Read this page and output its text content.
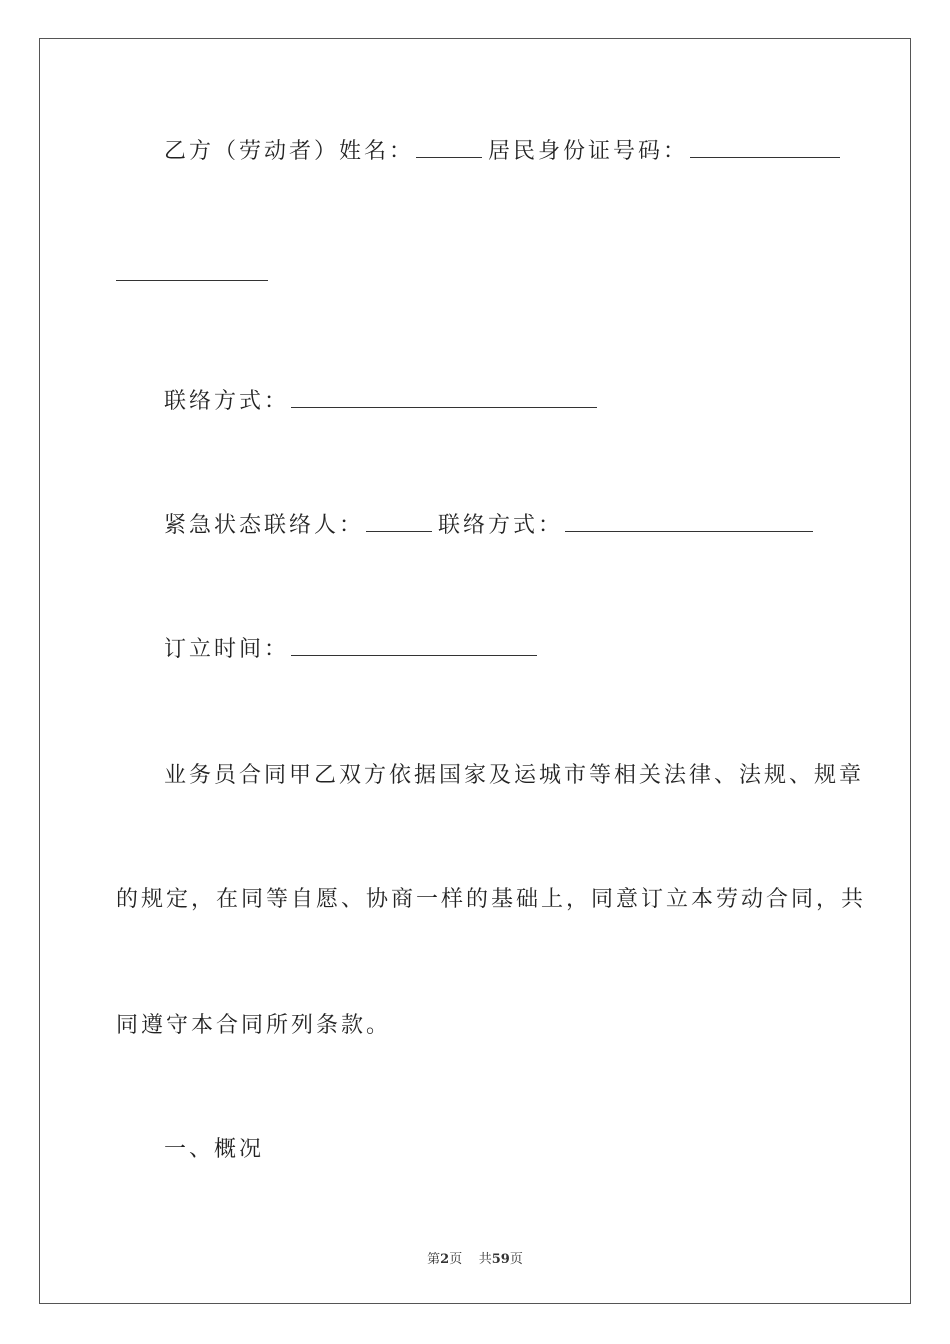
乙方（劳动者）姓名：	居民身份证号码：
联络方式：
紧急状态联络人：	联络方式：
订立时间：
业务员合同甲乙双方依据国家及运城市等相关法律、法规、规章
的规定，在同等自愿、协商一样的基础上，同意订立本劳动合同，共
同遵守本合同所列条款。
一、概况
第2页 共59页
